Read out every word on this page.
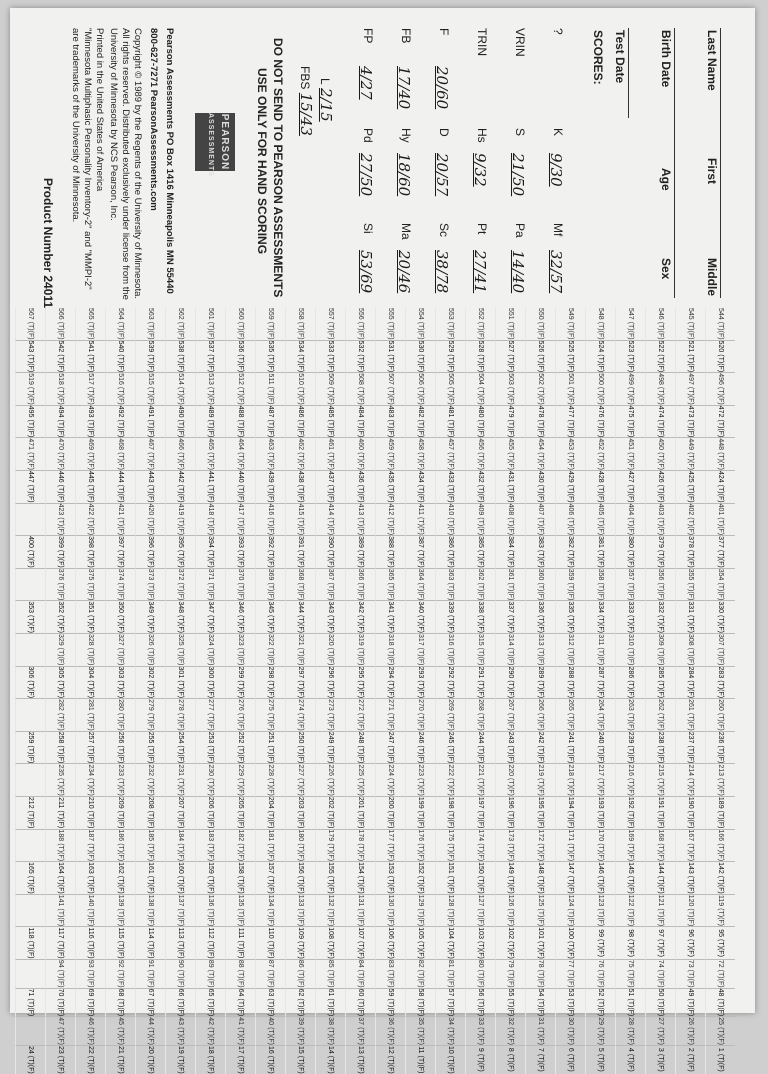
Last Name
First
Middle
Birth Date
Age
Sex
Test Date
SCORES:
?
K
9/30
Mf
32/57
VRIN
S
21/50
Pa
14/40
TRIN
Hs
9/32
Pt
27/41
F
20/60
D
20/57
Sc
38/78
FB
17/40
Hy
18/60
Ma
20/46
FP
4/27
Pd
27/50
Si
53/69
L 2/15
FBS 15/43
DO NOT SEND TO PEARSON ASSESSMENTS
USE ONLY FOR HAND SCORING
PEARSON
ASSESSMENTS
Pearson Assessments PO Box 1416 Minneapolis MN 55440
800-627-7271 PearsonAssessments.com
Copyright © 1989 by the Regents of the University of Minnesota. All rights reserved. Distributed exclusively under license from the University of Minnesota by NCS Pearson, Inc.
Printed in the United States of America
"Minnesota Multiphasic Personality Inventory-2" and "MMPI-2" are trademarks of the University of Minnesota.
Product Number 24011
544
(T)
(F)
520
(T)
(F)
496
(T)
(F)
472
(T)
(F)
448
(T)
(F)
424
(T)
(F)
401
(T)
(F)
377
(T)
(F)
354
(T)
(F)
330
(T)
(F)
307
(T)
(F)
283
(T)
(F)
260
(T)
(F)
236
(T)
(F)
213
(T)
(F)
189
(T)
(F)
166
(T)
(F)
142
(T)
(F)
119
(T)
(F)
95
(T)
(F)
72
(T)
(F)
48
(T)
(F)
25
(T)
(F)
1
(T)
(F)
545
(T)
(F)
521
(T)
(F)
497
(T)
(F)
473
(T)
(F)
449
(T)
(F)
425
(T)
(F)
402
(T)
(F)
378
(T)
(F)
355
(T)
(F)
331
(T)
(F)
308
(T)
(F)
284
(T)
(F)
261
(T)
(F)
237
(T)
(F)
214
(T)
(F)
190
(T)
(F)
167
(T)
(F)
143
(T)
(F)
120
(T)
(F)
96
(T)
(F)
73
(T)
(F)
49
(T)
(F)
26
(T)
(F)
2
(T)
(F)
546
(T)
(F)
522
(T)
(F)
498
(T)
(F)
474
(T)
(F)
450
(T)
(F)
426
(T)
(F)
403
(T)
(F)
379
(T)
(F)
356
(T)
(F)
332
(T)
(F)
309
(T)
(F)
285
(T)
(F)
262
(T)
(F)
238
(T)
(F)
215
(T)
(F)
191
(T)
(F)
168
(T)
(F)
144
(T)
(F)
121
(T)
(F)
97
(T)
(F)
74
(T)
(F)
50
(T)
(F)
27
(T)
(F)
3
(T)
(F)
547
(T)
(F)
523
(T)
(F)
499
(T)
(F)
475
(T)
(F)
451
(T)
(F)
427
(T)
(F)
404
(T)
(F)
380
(T)
(F)
357
(T)
(F)
333
(T)
(F)
310
(T)
(F)
286
(T)
(F)
263
(T)
(F)
239
(T)
(F)
216
(T)
(F)
192
(T)
(F)
169
(T)
(F)
145
(T)
(F)
122
(T)
(F)
98
(T)
(F)
75
(T)
(F)
51
(T)
(F)
28
(T)
(F)
4
(T)
(F)
548
(T)
(F)
524
(T)
(F)
500
(T)
(F)
476
(T)
(F)
452
(T)
(F)
428
(T)
(F)
405
(T)
(F)
381
(T)
(F)
358
(T)
(F)
334
(T)
(F)
311
(T)
(F)
287
(T)
(F)
264
(T)
(F)
240
(T)
(F)
217
(T)
(F)
193
(T)
(F)
170
(T)
(F)
146
(T)
(F)
123
(T)
(F)
99
(T)
(F)
76
(T)
(F)
52
(T)
(F)
29
(T)
(F)
5
(T)
(F)
549
(T)
(F)
525
(T)
(F)
501
(T)
(F)
477
(T)
(F)
453
(T)
(F)
429
(T)
(F)
406
(T)
(F)
382
(T)
(F)
359
(T)
(F)
335
(T)
(F)
312
(T)
(F)
288
(T)
(F)
265
(T)
(F)
241
(T)
(F)
218
(T)
(F)
194
(T)
(F)
171
(T)
(F)
147
(T)
(F)
124
(T)
(F)
100
(T)
(F)
77
(T)
(F)
53
(T)
(F)
30
(T)
(F)
6
(T)
(F)
550
(T)
(F)
526
(T)
(F)
502
(T)
(F)
478
(T)
(F)
454
(T)
(F)
430
(T)
(F)
407
(T)
(F)
383
(T)
(F)
360
(T)
(F)
336
(T)
(F)
313
(T)
(F)
289
(T)
(F)
266
(T)
(F)
242
(T)
(F)
219
(T)
(F)
195
(T)
(F)
172
(T)
(F)
148
(T)
(F)
125
(T)
(F)
101
(T)
(F)
78
(T)
(F)
54
(T)
(F)
31
(T)
(F)
7
(T)
(F)
551
(T)
(F)
527
(T)
(F)
503
(T)
(F)
479
(T)
(F)
455
(T)
(F)
431
(T)
(F)
408
(T)
(F)
384
(T)
(F)
361
(T)
(F)
337
(T)
(F)
314
(T)
(F)
290
(T)
(F)
267
(T)
(F)
243
(T)
(F)
220
(T)
(F)
196
(T)
(F)
173
(T)
(F)
149
(T)
(F)
126
(T)
(F)
102
(T)
(F)
79
(T)
(F)
55
(T)
(F)
32
(T)
(F)
8
(T)
(F)
552
(T)
(F)
528
(T)
(F)
504
(T)
(F)
480
(T)
(F)
456
(T)
(F)
432
(T)
(F)
409
(T)
(F)
385
(T)
(F)
362
(T)
(F)
338
(T)
(F)
315
(T)
(F)
291
(T)
(F)
268
(T)
(F)
244
(T)
(F)
221
(T)
(F)
197
(T)
(F)
174
(T)
(F)
150
(T)
(F)
127
(T)
(F)
103
(T)
(F)
80
(T)
(F)
56
(T)
(F)
33
(T)
(F)
9
(T)
(F)
553
(T)
(F)
529
(T)
(F)
505
(T)
(F)
481
(T)
(F)
457
(T)
(F)
433
(T)
(F)
410
(T)
(F)
386
(T)
(F)
363
(T)
(F)
339
(T)
(F)
316
(T)
(F)
292
(T)
(F)
269
(T)
(F)
245
(T)
(F)
222
(T)
(F)
198
(T)
(F)
175
(T)
(F)
151
(T)
(F)
128
(T)
(F)
104
(T)
(F)
81
(T)
(F)
57
(T)
(F)
34
(T)
(F)
10
(T)
(F)
554
(T)
(F)
530
(T)
(F)
506
(T)
(F)
482
(T)
(F)
458
(T)
(F)
434
(T)
(F)
411
(T)
(F)
387
(T)
(F)
364
(T)
(F)
340
(T)
(F)
317
(T)
(F)
293
(T)
(F)
270
(T)
(F)
246
(T)
(F)
223
(T)
(F)
199
(T)
(F)
176
(T)
(F)
152
(T)
(F)
129
(T)
(F)
105
(T)
(F)
82
(T)
(F)
58
(T)
(F)
35
(T)
(F)
11
(T)
(F)
555
(T)
(F)
531
(T)
(F)
507
(T)
(F)
483
(T)
(F)
459
(T)
(F)
435
(T)
(F)
412
(T)
(F)
388
(T)
(F)
365
(T)
(F)
341
(T)
(F)
318
(T)
(F)
294
(T)
(F)
271
(T)
(F)
247
(T)
(F)
224
(T)
(F)
200
(T)
(F)
177
(T)
(F)
153
(T)
(F)
130
(T)
(F)
106
(T)
(F)
83
(T)
(F)
59
(T)
(F)
36
(T)
(F)
12
(T)
(F)
556
(T)
(F)
532
(T)
(F)
508
(T)
(F)
484
(T)
(F)
460
(T)
(F)
436
(T)
(F)
413
(T)
(F)
389
(T)
(F)
366
(T)
(F)
342
(T)
(F)
319
(T)
(F)
295
(T)
(F)
272
(T)
(F)
248
(T)
(F)
225
(T)
(F)
201
(T)
(F)
178
(T)
(F)
154
(T)
(F)
131
(T)
(F)
107
(T)
(F)
84
(T)
(F)
60
(T)
(F)
37
(T)
(F)
13
(T)
(F)
557
(T)
(F)
533
(T)
(F)
509
(T)
(F)
485
(T)
(F)
461
(T)
(F)
437
(T)
(F)
414
(T)
(F)
390
(T)
(F)
367
(T)
(F)
343
(T)
(F)
320
(T)
(F)
296
(T)
(F)
273
(T)
(F)
249
(T)
(F)
226
(T)
(F)
202
(T)
(F)
179
(T)
(F)
155
(T)
(F)
132
(T)
(F)
108
(T)
(F)
85
(T)
(F)
61
(T)
(F)
38
(T)
(F)
14
(T)
(F)
558
(T)
(F)
534
(T)
(F)
510
(T)
(F)
486
(T)
(F)
462
(T)
(F)
438
(T)
(F)
415
(T)
(F)
391
(T)
(F)
368
(T)
(F)
344
(T)
(F)
321
(T)
(F)
297
(T)
(F)
274
(T)
(F)
250
(T)
(F)
227
(T)
(F)
203
(T)
(F)
180
(T)
(F)
156
(T)
(F)
133
(T)
(F)
109
(T)
(F)
86
(T)
(F)
62
(T)
(F)
39
(T)
(F)
15
(T)
(F)
559
(T)
(F)
535
(T)
(F)
511
(T)
(F)
487
(T)
(F)
463
(T)
(F)
439
(T)
(F)
416
(T)
(F)
392
(T)
(F)
369
(T)
(F)
345
(T)
(F)
322
(T)
(F)
298
(T)
(F)
275
(T)
(F)
251
(T)
(F)
228
(T)
(F)
204
(T)
(F)
181
(T)
(F)
157
(T)
(F)
134
(T)
(F)
110
(T)
(F)
87
(T)
(F)
63
(T)
(F)
40
(T)
(F)
16
(T)
(F)
560
(T)
(F)
536
(T)
(F)
512
(T)
(F)
488
(T)
(F)
464
(T)
(F)
440
(T)
(F)
417
(T)
(F)
393
(T)
(F)
370
(T)
(F)
346
(T)
(F)
323
(T)
(F)
299
(T)
(F)
276
(T)
(F)
252
(T)
(F)
229
(T)
(F)
205
(T)
(F)
182
(T)
(F)
158
(T)
(F)
135
(T)
(F)
111
(T)
(F)
88
(T)
(F)
64
(T)
(F)
41
(T)
(F)
17
(T)
(F)
561
(T)
(F)
537
(T)
(F)
513
(T)
(F)
489
(T)
(F)
465
(T)
(F)
441
(T)
(F)
418
(T)
(F)
394
(T)
(F)
371
(T)
(F)
347
(T)
(F)
324
(T)
(F)
300
(T)
(F)
277
(T)
(F)
253
(T)
(F)
230
(T)
(F)
206
(T)
(F)
183
(T)
(F)
159
(T)
(F)
136
(T)
(F)
112
(T)
(F)
89
(T)
(F)
65
(T)
(F)
42
(T)
(F)
18
(T)
(F)
562
(T)
(F)
538
(T)
(F)
514
(T)
(F)
490
(T)
(F)
466
(T)
(F)
442
(T)
(F)
419
(T)
(F)
395
(T)
(F)
372
(T)
(F)
348
(T)
(F)
325
(T)
(F)
301
(T)
(F)
278
(T)
(F)
254
(T)
(F)
231
(T)
(F)
207
(T)
(F)
184
(T)
(F)
160
(T)
(F)
137
(T)
(F)
113
(T)
(F)
90
(T)
(F)
66
(T)
(F)
43
(T)
(F)
19
(T)
(F)
563
(T)
(F)
539
(T)
(F)
515
(T)
(F)
491
(T)
(F)
467
(T)
(F)
443
(T)
(F)
420
(T)
(F)
396
(T)
(F)
373
(T)
(F)
349
(T)
(F)
326
(T)
(F)
302
(T)
(F)
279
(T)
(F)
255
(T)
(F)
232
(T)
(F)
208
(T)
(F)
185
(T)
(F)
161
(T)
(F)
138
(T)
(F)
114
(T)
(F)
91
(T)
(F)
67
(T)
(F)
44
(T)
(F)
20
(T)
(F)
564
(T)
(F)
540
(T)
(F)
516
(T)
(F)
492
(T)
(F)
468
(T)
(F)
444
(T)
(F)
421
(T)
(F)
397
(T)
(F)
374
(T)
(F)
350
(T)
(F)
327
(T)
(F)
303
(T)
(F)
280
(T)
(F)
256
(T)
(F)
233
(T)
(F)
209
(T)
(F)
186
(T)
(F)
162
(T)
(F)
139
(T)
(F)
115
(T)
(F)
92
(T)
(F)
68
(T)
(F)
45
(T)
(F)
21
(T)
(F)
565
(T)
(F)
541
(T)
(F)
517
(T)
(F)
493
(T)
(F)
469
(T)
(F)
445
(T)
(F)
422
(T)
(F)
398
(T)
(F)
375
(T)
(F)
351
(T)
(F)
328
(T)
(F)
304
(T)
(F)
281
(T)
(F)
257
(T)
(F)
234
(T)
(F)
210
(T)
(F)
187
(T)
(F)
163
(T)
(F)
140
(T)
(F)
116
(T)
(F)
93
(T)
(F)
69
(T)
(F)
46
(T)
(F)
22
(T)
(F)
566
(T)
(F)
542
(T)
(F)
518
(T)
(F)
494
(T)
(F)
470
(T)
(F)
446
(T)
(F)
423
(T)
(F)
399
(T)
(F)
376
(T)
(F)
352
(T)
(F)
329
(T)
(F)
305
(T)
(F)
282
(T)
(F)
258
(T)
(F)
235
(T)
(F)
211
(T)
(F)
188
(T)
(F)
164
(T)
(F)
141
(T)
(F)
117
(T)
(F)
94
(T)
(F)
70
(T)
(F)
47
(T)
(F)
23
(T)
(F)
567
(T)
(F)
543
(T)
(F)
519
(T)
(F)
495
(T)
(F)
471
(T)
(F)
447
(T)
(F)
400
(T)
(F)
353
(T)
(F)
306
(T)
(F)
259
(T)
(F)
212
(T)
(F)
165
(T)
(F)
118
(T)
(F)
71
(T)
(F)
24
(T)
(F)
